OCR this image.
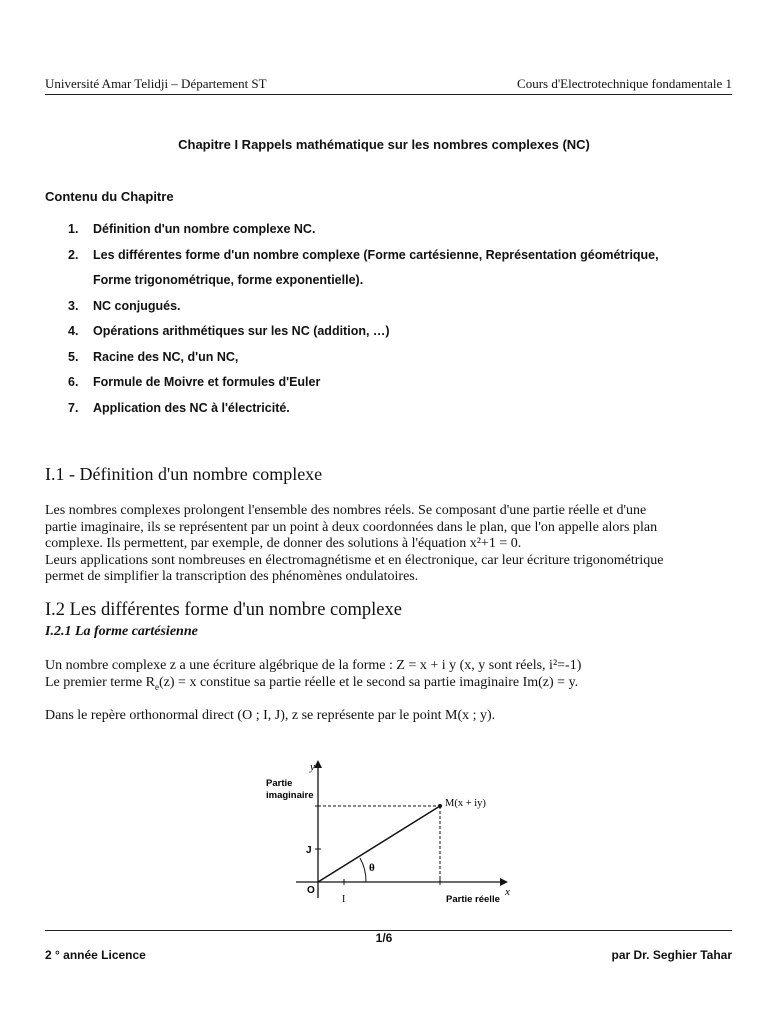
Université Amar Telidji – Département ST	Cours d'Electrotechnique fondamentale 1
Chapitre I Rappels mathématique sur les nombres complexes (NC)
Contenu du Chapitre
1. Définition d'un nombre complexe NC.
2. Les différentes forme d'un nombre complexe (Forme cartésienne, Représentation géométrique,
Forme trigonométrique, forme exponentielle).
3. NC conjugués.
4. Opérations arithmétiques sur les NC (addition, …)
5. Racine des NC, d'un NC,
6. Formule de Moivre et formules d'Euler
7. Application des NC à l'électricité.
I.1 - Définition d'un nombre complexe

Les nombres complexes prolongent l'ensemble des nombres réels. Se composant d'une partie réelle et d'une
partie imaginaire, ils se représentent par un point à deux coordonnées dans le plan, que l'on appelle alors plan
complexe. Ils permettent, par exemple, de donner des solutions à l'équation x²+1 = 0.
Leurs applications sont nombreuses en électromagnétisme et en électronique, car leur écriture trigonométrique
permet de simplifier la transcription des phénomènes ondulatoires.

I.2 Les différentes forme d'un nombre complexe
I.2.1 La forme cartésienne

Un nombre complexe z a une écriture algébrique de la forme : Z = x + i y (x, y sont réels, i²=-1)
Le premier terme $R_e(z) = x$ constitue sa partie réelle et le second sa partie imaginaire Im(z) = y.

Dans le repère orthonormal direct (O ; I, J), z se représente par le point M(x ; y).

y
x
Partie
imaginaire
Partie réelle
M(x + iy)
O
I
J
θ
1/6
2 ° année Licence	par Dr. Seghier Tahar
